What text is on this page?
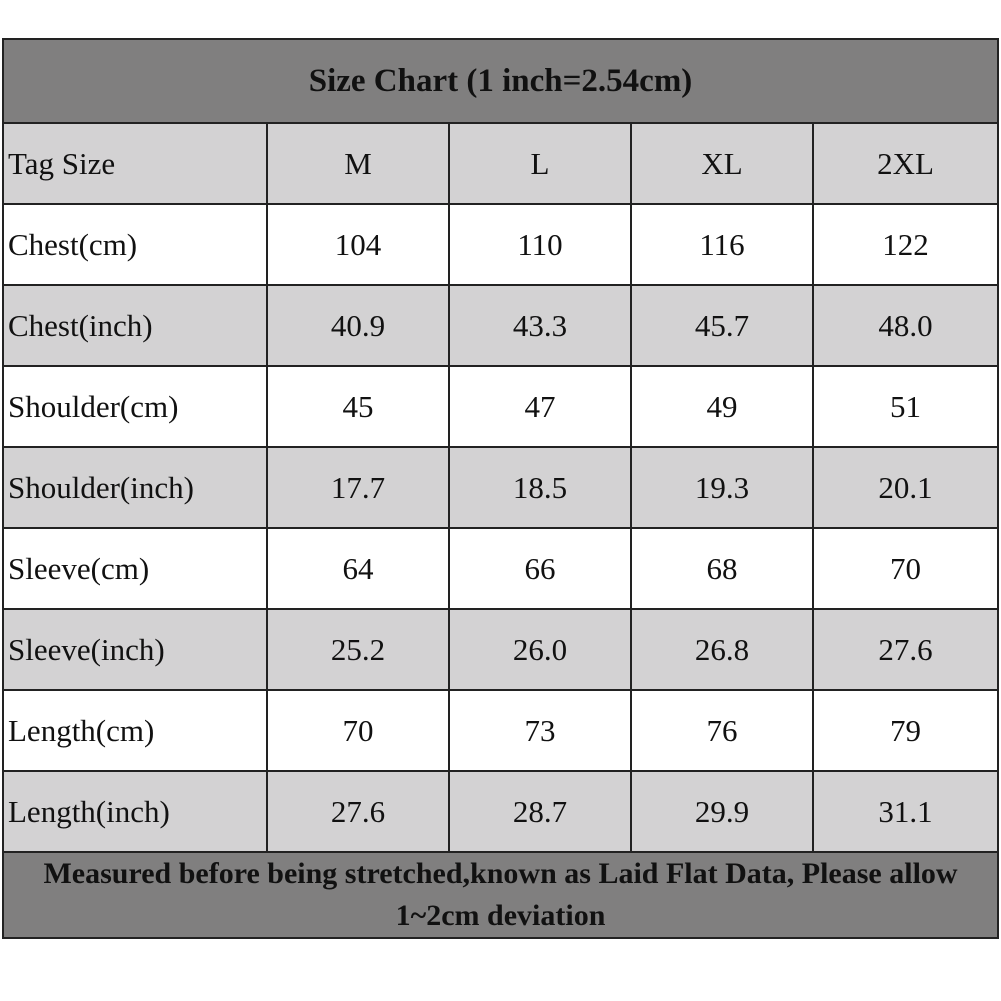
Size Chart (1 inch=2.54cm)				
Tag Size	M	L	XL	2XL
Chest(cm)	104	110	116	122
Chest(inch)	40.9	43.3	45.7	48.0
Shoulder(cm)	45	47	49	51
Shoulder(inch)	17.7	18.5	19.3	20.1
Sleeve(cm)	64	66	68	70
Sleeve(inch)	25.2	26.0	26.8	27.6
Length(cm)	70	73	76	79
Length(inch)	27.6	28.7	29.9	31.1
Measured before being stretched,known as Laid Flat Data, Please allow 1~2cm deviation				
